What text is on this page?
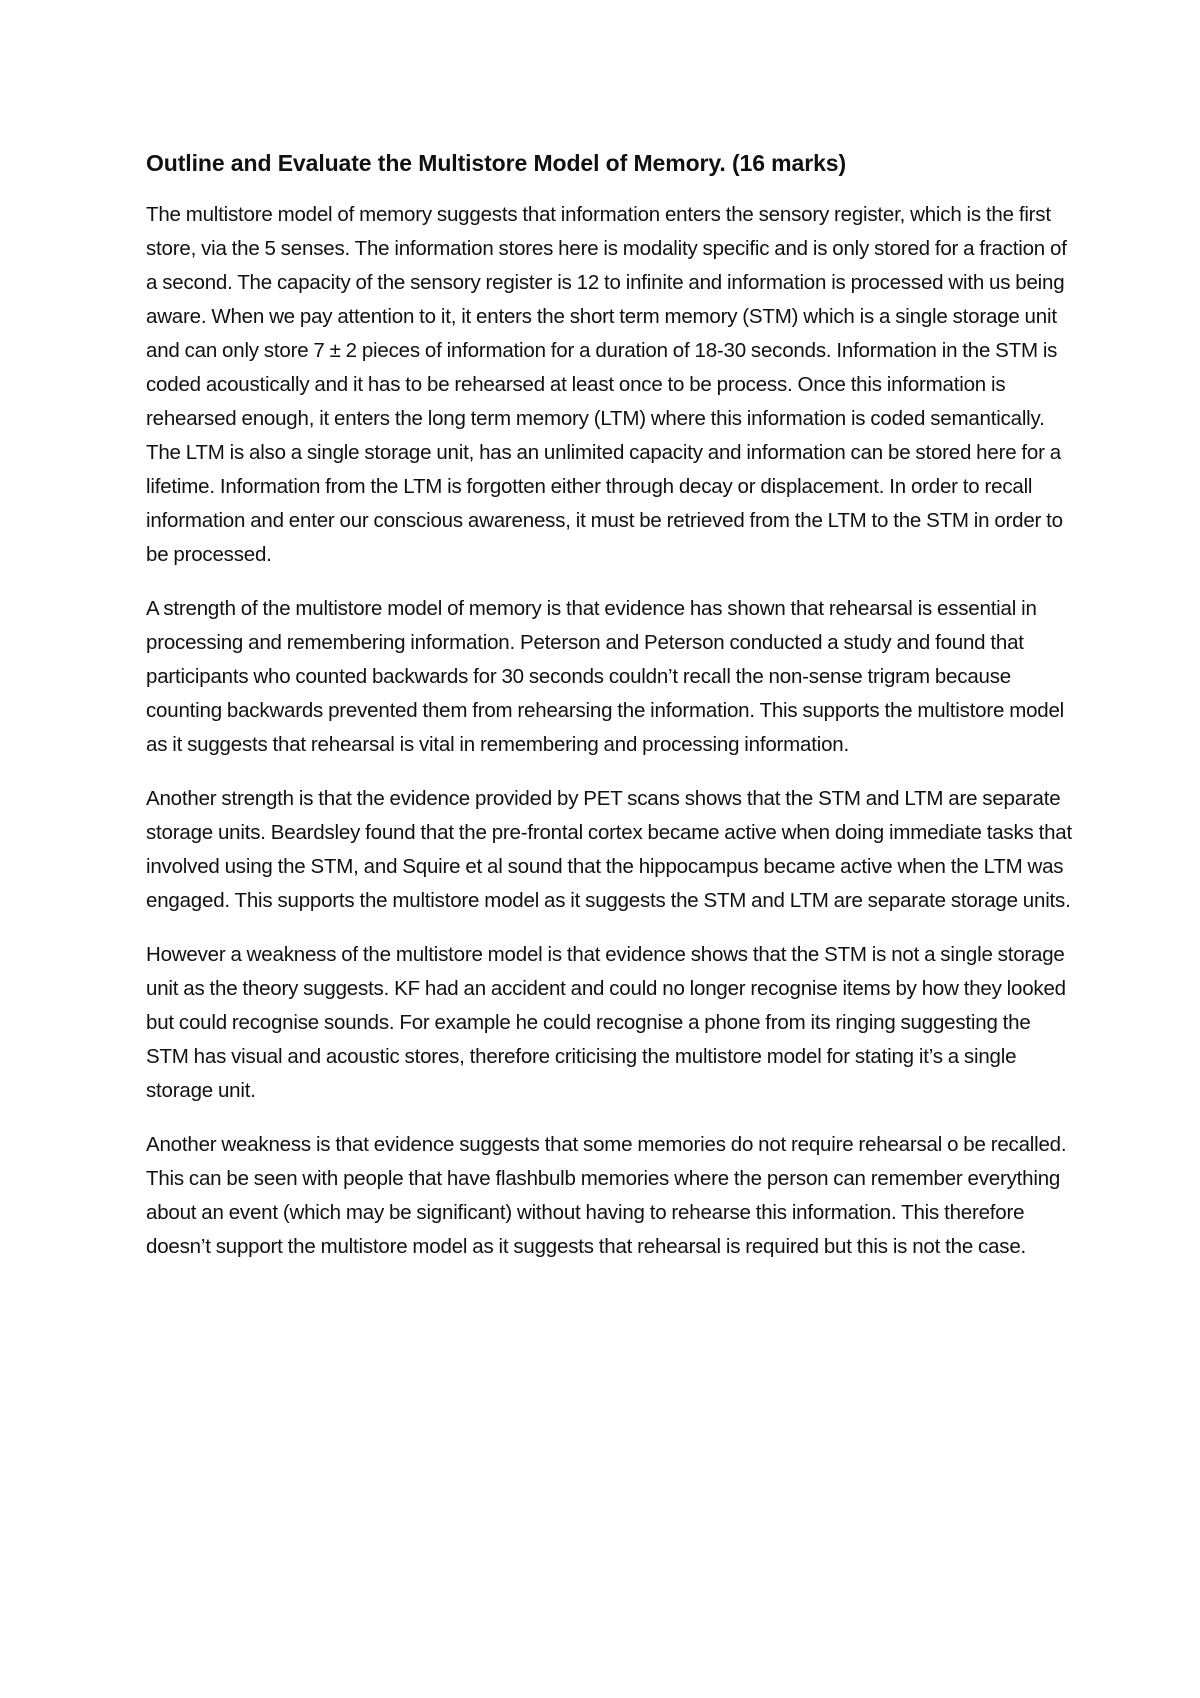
Outline and Evaluate the Multistore Model of Memory. (16 marks)

The multistore model of memory suggests that information enters the sensory register, which is the first store, via the 5 senses. The information stores here is modality specific and is only stored for a fraction of a second. The capacity of the sensory register is 12 to infinite and information is processed with us being aware. When we pay attention to it, it enters the short term memory (STM) which is a single storage unit and can only store 7 ± 2 pieces of information for a duration of 18-30 seconds. Information in the STM is coded acoustically and it has to be rehearsed at least once to be process. Once this information is rehearsed enough, it enters the long term memory (LTM) where this information is coded semantically. The LTM is also a single storage unit, has an unlimited capacity and information can be stored here for a lifetime. Information from the LTM is forgotten either through decay or displacement. In order to recall information and enter our conscious awareness, it must be retrieved from the LTM to the STM in order to be processed.

A strength of the multistore model of memory is that evidence has shown that rehearsal is essential in processing and remembering information. Peterson and Peterson conducted a study and found that participants who counted backwards for 30 seconds couldn’t recall the non-sense trigram because counting backwards prevented them from rehearsing the information. This supports the multistore model as it suggests that rehearsal is vital in remembering and processing information.

Another strength is that the evidence provided by PET scans shows that the STM and LTM are separate storage units. Beardsley found that the pre-frontal cortex became active when doing immediate tasks that involved using the STM, and Squire et al sound that the hippocampus became active when the LTM was engaged. This supports the multistore model as it suggests the STM and LTM are separate storage units.

However a weakness of the multistore model is that evidence shows that the STM is not a single storage unit as the theory suggests. KF had an accident and could no longer recognise items by how they looked but could recognise sounds. For example he could recognise a phone from its ringing suggesting the STM has visual and acoustic stores, therefore criticising the multistore model for stating it’s a single storage unit.

Another weakness is that evidence suggests that some memories do not require rehearsal o be recalled. This can be seen with people that have flashbulb memories where the person can remember everything about an event (which may be significant) without having to rehearse this information. This therefore doesn’t support the multistore model as it suggests that rehearsal is required but this is not the case.
